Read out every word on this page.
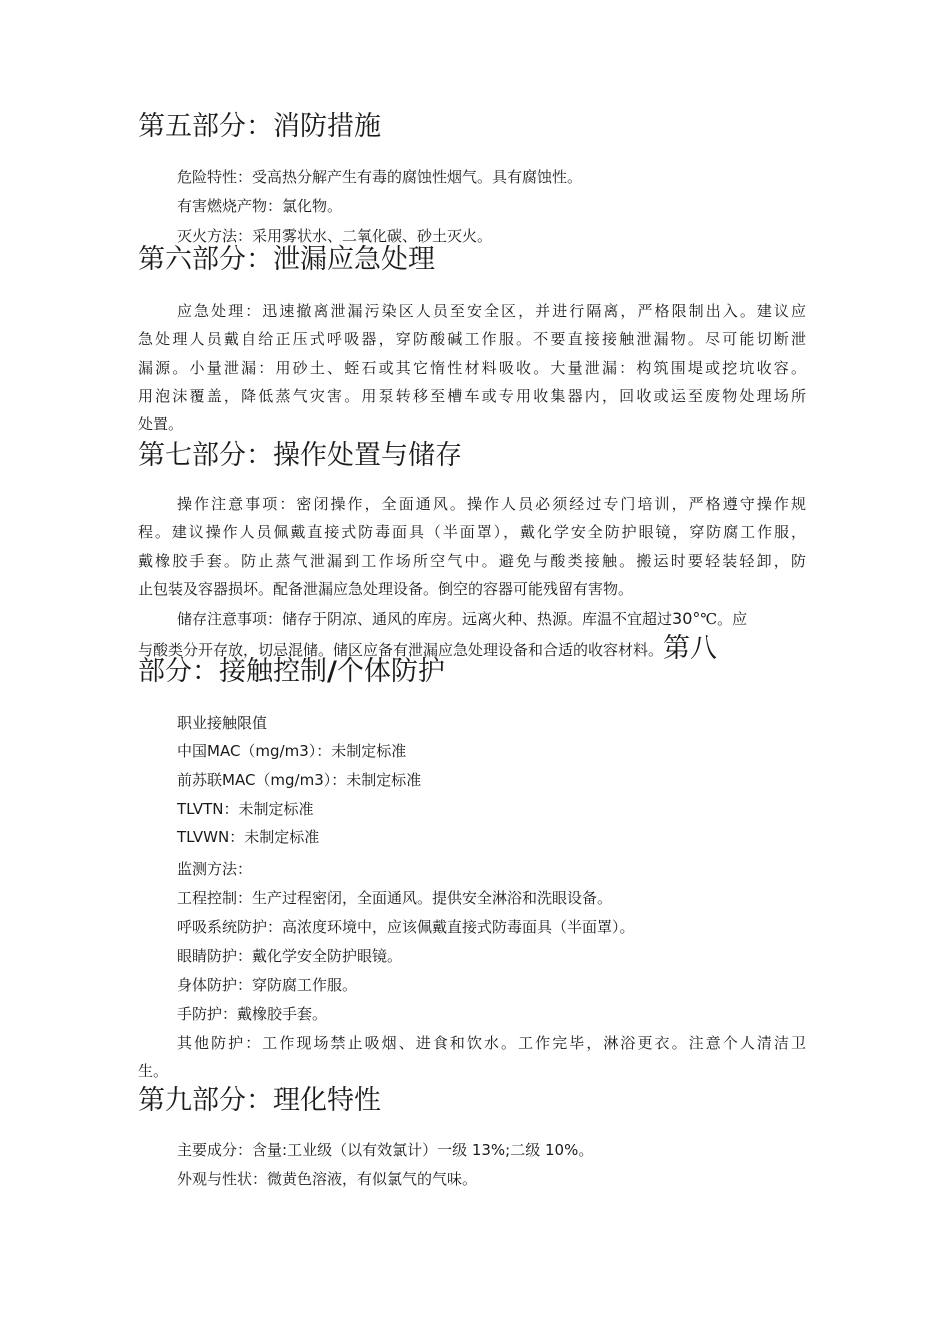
第五部分：消防措施
危险特性：受高热分解产生有毒的腐蚀性烟气。具有腐蚀性。
有害燃烧产物：氯化物。
灭火方法：采用雾状水、二氧化碳、砂土灭火。
第六部分：泄漏应急处理
应急处理：迅速撤离泄漏污染区人员至安全区，并进行隔离，严格限制出入。建议应
急处理人员戴自给正压式呼吸器，穿防酸碱工作服。不要直接接触泄漏物。尽可能切断泄
漏源。小量泄漏：用砂土、蛭石或其它惰性材料吸收。大量泄漏：构筑围堤或挖坑收容。
用泡沫覆盖，降低蒸气灾害。用泵转移至槽车或专用收集器内，回收或运至废物处理场所
处置。
第七部分：操作处置与储存
操作注意事项：密闭操作，全面通风。操作人员必须经过专门培训，严格遵守操作规
程。建议操作人员佩戴直接式防毒面具（半面罩），戴化学安全防护眼镜，穿防腐工作服，
戴橡胶手套。防止蒸气泄漏到工作场所空气中。避免与酸类接触。搬运时要轻装轻卸，防
止包装及容器损坏。配备泄漏应急处理设备。倒空的容器可能残留有害物。
储存注意事项：储存于阴凉、通风的库房。远离火种、热源。库温不宜超过30°℃。应
与酸类分开存放，切忌混储。储区应备有泄漏应急处理设备和合适的收容材料。第八
部分：接触控制/个体防护
职业接触限值
中国MAC（mg/m3）：未制定标准
前苏联MAC（mg/m3）：未制定标准
TLVTN：未制定标准
TLVWN：未制定标准
监测方法：
工程控制：生产过程密闭，全面通风。提供安全淋浴和洗眼设备。
呼吸系统防护：高浓度环境中，应该佩戴直接式防毒面具（半面罩）。
眼睛防护：戴化学安全防护眼镜。
身体防护：穿防腐工作服。
手防护：戴橡胶手套。
其他防护：工作现场禁止吸烟、进食和饮水。工作完毕，淋浴更衣。注意个人清洁卫
生。
第九部分：理化特性
主要成分：含量:工业级（以有效氯计）一级 13%;二级 10%。
外观与性状：微黄色溶液，有似氯气的气味。
